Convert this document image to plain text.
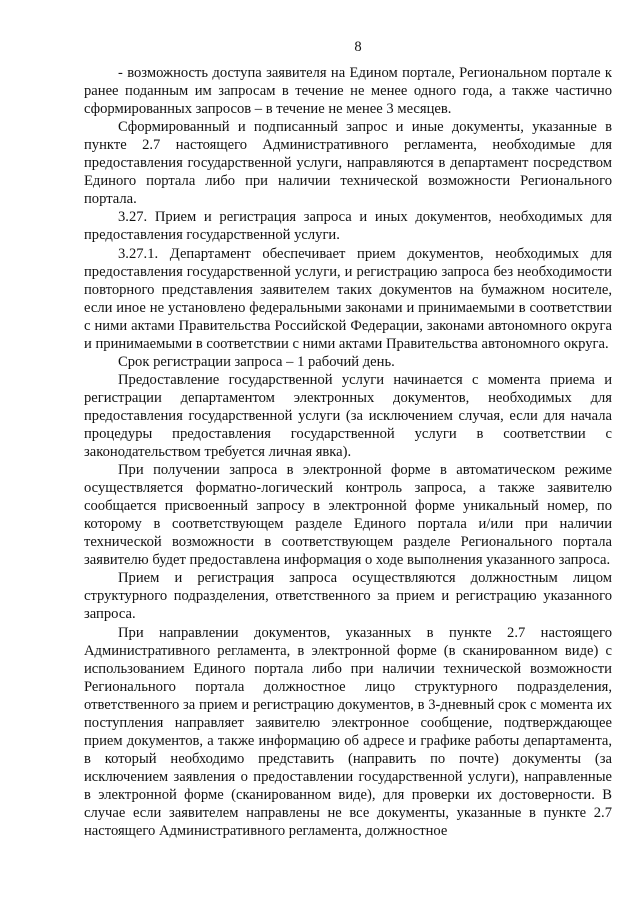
8

- возможность доступа заявителя на Едином портале, Региональном портале к ранее поданным им запросам в течение не менее одного года, а также частично сформированных запросов – в течение не менее 3 месяцев.

Сформированный и подписанный запрос и иные документы, указанные в пункте 2.7 настоящего Административного регламента, необходимые для предоставления государственной услуги, направляются в департамент посредством Единого портала либо при наличии технической возможности Регионального портала.

3.27. Прием и регистрация запроса и иных документов, необходимых для предоставления государственной услуги.

3.27.1. Департамент обеспечивает прием документов, необходимых для предоставления государственной услуги, и регистрацию запроса без необходимости повторного представления заявителем таких документов на бумажном носителе, если иное не установлено федеральными законами и принимаемыми в соответствии с ними актами Правительства Российской Федерации, законами автономного округа и принимаемыми в соответствии с ними актами Правительства автономного округа.

Срок регистрации запроса – 1 рабочий день.

Предоставление государственной услуги начинается с момента приема и регистрации департаментом электронных документов, необходимых для предоставления государственной услуги (за исключением случая, если для начала процедуры предоставления государственной услуги в соответствии с законодательством требуется личная явка).

При получении запроса в электронной форме в автоматическом режиме осуществляется форматно-логический контроль запроса, а также заявителю сообщается присвоенный запросу в электронной форме уникальный номер, по которому в соответствующем разделе Единого портала и/или при наличии технической возможности в соответствующем разделе Регионального портала заявителю будет предоставлена информация о ходе выполнения указанного запроса.

Прием и регистрация запроса осуществляются должностным лицом структурного подразделения, ответственного за прием и регистрацию указанного запроса.

При направлении документов, указанных в пункте 2.7 настоящего Административного регламента, в электронной форме (в сканированном виде) с использованием Единого портала либо при наличии технической возможности Регионального портала должностное лицо структурного подразделения, ответственного за прием и регистрацию документов, в 3-дневный срок с момента их поступления направляет заявителю электронное сообщение, подтверждающее прием документов, а также информацию об адресе и графике работы департамента, в который необходимо представить (направить по почте) документы (за исключением заявления о предоставлении государственной услуги), направленные в электронной форме (сканированном виде), для проверки их достоверности. В случае если заявителем направлены не все документы, указанные в пункте 2.7 настоящего Административного регламента, должностное
